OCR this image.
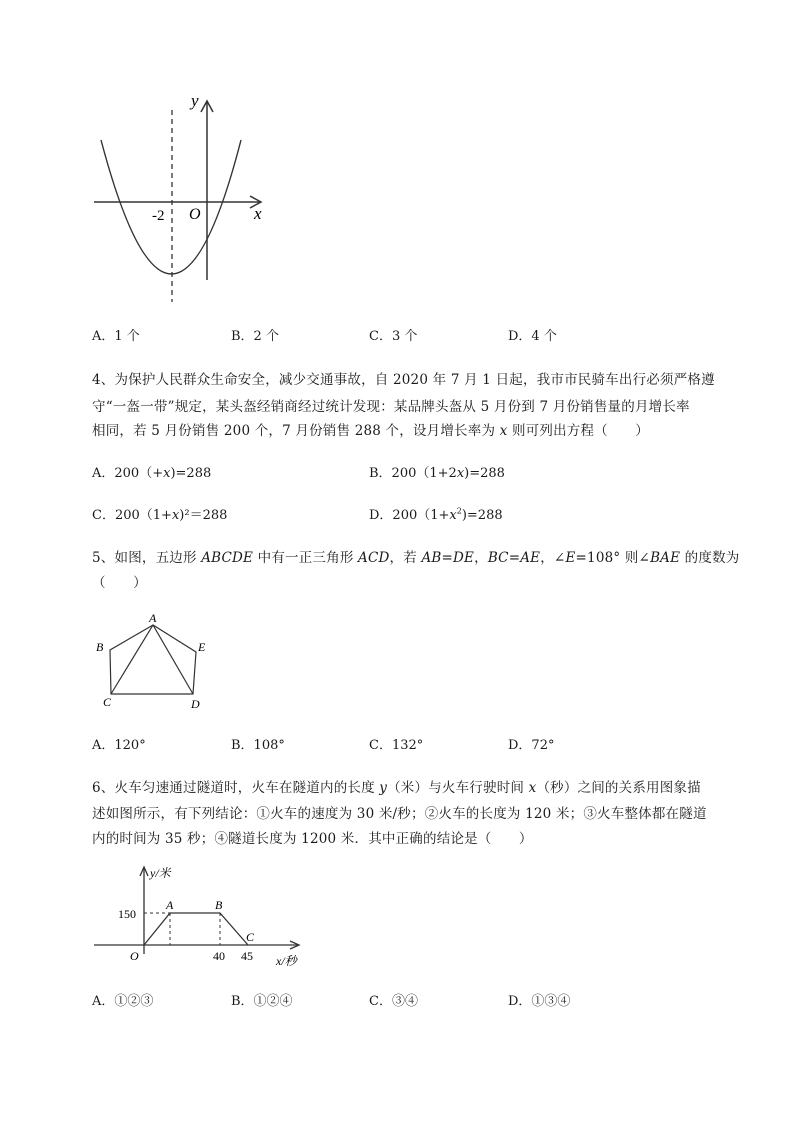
y
x
-2 O
A．1 个	B．2 个	C．3 个	D．4 个
4、为保护人民群众生命安全，减少交通事故，自 2020 年 7 月 1 日起，我市市民骑车出行必须严格遵
守“一盔一带”规定，某头盔经销商经过统计发现：某品牌头盔从 5 月份到 7 月份销售量的月增长率
相同，若 5 月份销售 200 个，7 月份销售 288 个，设月增长率为 x 则可列出方程（　　）
A．200（+x)=288	B．200（1+2x)=288
C．200（1+x)²＝288	D．$200(1+x^2)=288$
5、如图，五边形 ABCDE 中有一正三角形 ACD，若 AB=DE，BC=AE，∠E=108° 则∠BAE 的度数为
（　　）
A
B	E
C	D
A．120°	B．108°	C．132°	D．72°
6、火车匀速通过隧道时，火车在隧道内的长度 y（米）与火车行驶时间 x（秒）之间的关系用图象描
述如图所示，有下列结论：①火车的速度为 30 米/秒；②火车的长度为 120 米；③火车整体都在隧道
内的时间为 35 秒；④隧道长度为 1200 米．其中正确的结论是（　　）
y/米
x/秒
150
A	B
C
O	40 45
A．①②③	B．①②④	C．③④	D．①③④
